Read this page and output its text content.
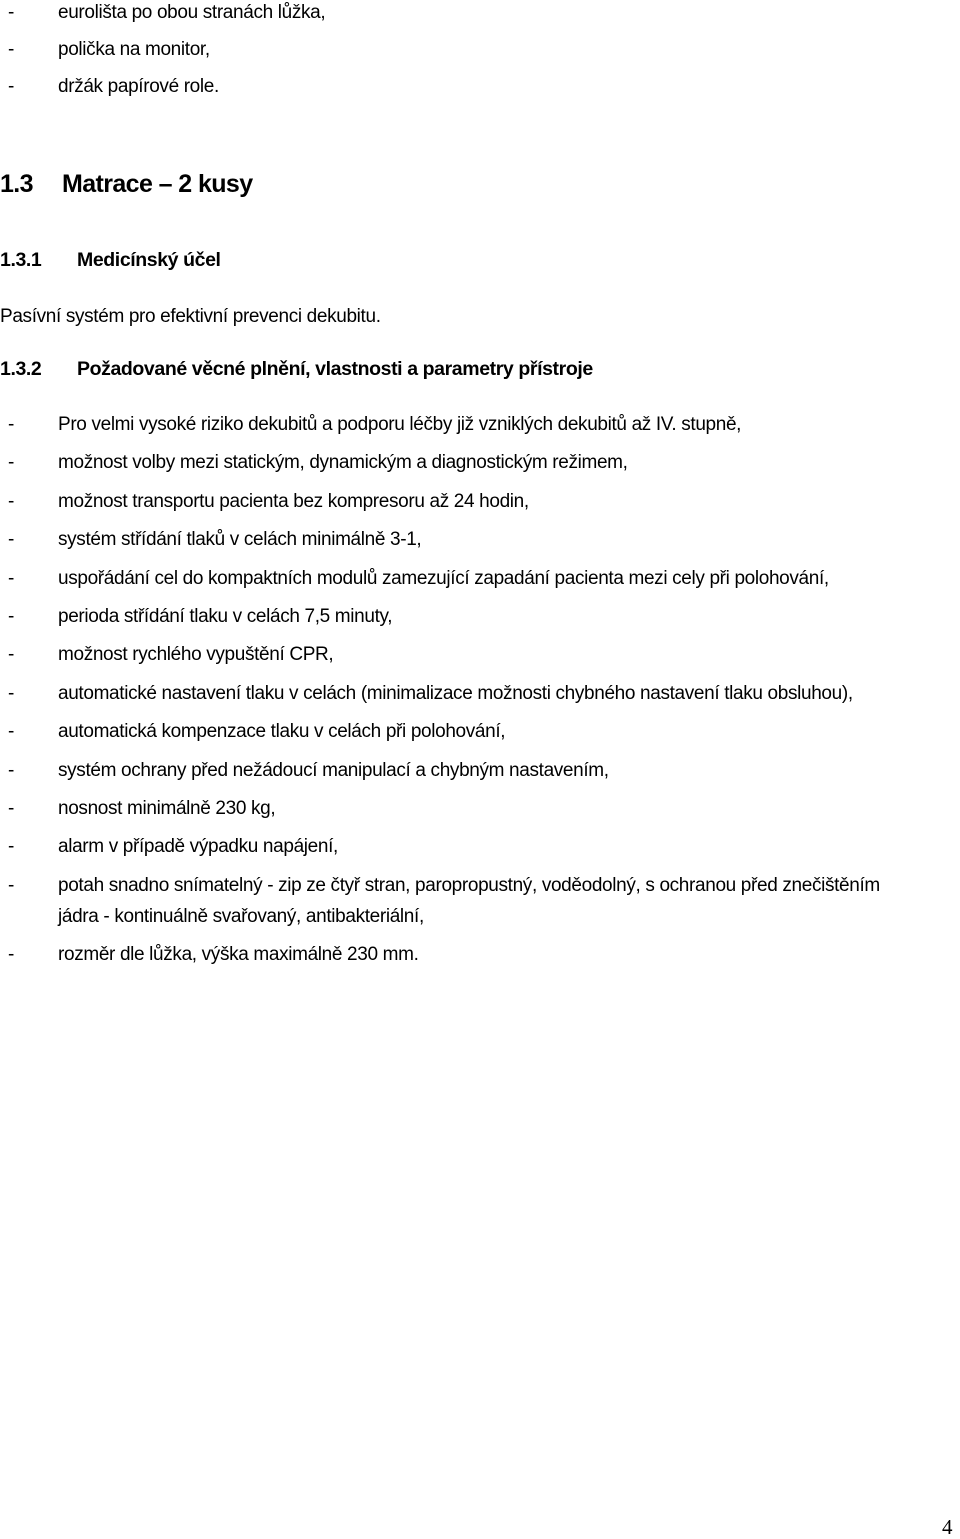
- eurolišta po obou stranách lůžka,
- polička na monitor,
- držák papírové role.
1.3 Matrace – 2 kusy
1.3.1 Medicínský účel
Pasívní systém pro efektivní prevenci dekubitu.
1.3.2 Požadované věcné plnění, vlastnosti a parametry přístroje
- Pro velmi vysoké riziko dekubitů a podporu léčby již vzniklých dekubitů až IV. stupně,
- možnost volby mezi statickým, dynamickým a diagnostickým režimem,
- možnost transportu pacienta bez kompresoru až 24 hodin,
- systém střídání tlaků v celách minimálně 3-1,
- uspořádání cel do kompaktních modulů zamezující zapadání pacienta mezi cely při polohování,
- perioda střídání tlaku v celách 7,5 minuty,
- možnost rychlého vypuštění CPR,
- automatické nastavení tlaku v celách (minimalizace možnosti chybného nastavení tlaku obsluhou),
- automatická kompenzace tlaku v celách při polohování,
- systém ochrany před nežádoucí manipulací a chybným nastavením,
- nosnost minimálně 230 kg,
- alarm v případě výpadku napájení,
- potah snadno snímatelný - zip ze čtyř stran, paropropustný, voděodolný, s ochranou před znečištěním
jádra - kontinuálně svařovaný, antibakteriální,
- rozměr dle lůžka, výška maximálně 230 mm.
4
